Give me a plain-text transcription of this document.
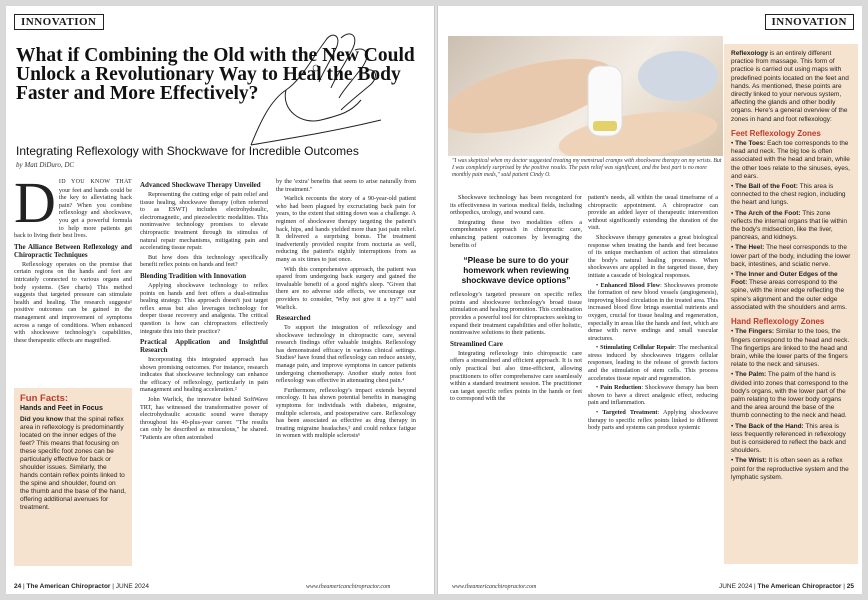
INNOVATION
What if Combining the Old with the New Could Unlock a Revolutionary Way to Heal the Body Faster and More Effectively?
Integrating Reflexology with Shockwave for Incredible Outcomes
by Matt DiDuro, DC
D ID YOU KNOW THAT your feet and hands could be the key to alleviating back pain? When you combine reflexology and shockwave, you get a powerful formula to help more patients get back to living their best lives.
The Alliance Between Reflexology and Chiropractic Techniques

Reflexology operates on the premise that certain regions on the hands and feet are intricately connected to various organs and body systems. (See charts) This method suggests that targeted pressure can stimulate health and healing. The research suggests¹ positive outcomes can be gained in the management and improvement of symptoms across a range of conditions. When enhanced with shockwave technology's capabilities, these therapeutic effects are magnified.

Fun Facts:
Hands and Feet in Focus
Did you know that the spinal reflex area in reflexology is predominantly located on the inner edges of the feet? This means that focusing on these specific foot zones can be particularly effective for back or shoulder issues. Similarly, the hands contain reflex points linked to the spine and shoulder, found on the thumb and the base of the hand, offering additional avenues for treatment.
Advanced Shockwave Therapy Unveiled

Representing the cutting edge of pain relief and tissue healing, shockwave therapy (often referred to as ESWT) includes electrohydraulic, electromagnetic, and piezoelectric modalities. This noninvasive technology promises to elevate chiropractic treatment through its stimulus of natural repair mechanisms, mitigating pain and accelerating tissue repair.

But how does this technology specifically benefit reflex points on hands and feet?

Blending Tradition with Innovation

Applying shockwave technology to reflex points on hands and feet offers a dual-stimulus healing strategy. This approach doesn't just target reflex areas but also leverages technology for deeper tissue recovery and analgesia. The critical question is how can chiropractors effectively integrate this into their practice?

Practical Application and Insightful Research

Incorporating this integrated approach has shown promising outcomes. For instance, research indicates that shockwave technology can enhance the efficacy of reflexology, particularly in pain management and healing acceleration.²

John Warlick, the innovator behind SoftWave TRT, has witnessed the transformative power of electrohydraulic acoustic sound wave therapy throughout his 40-plus-year career. "The results can only be described as miraculous," he shared. "Patients are often astonished

by the 'extra' benefits that seem to arise naturally from the treatment."

Warlick recounts the story of a 90-year-old patient who had been plagued by excruciating back pain for years, to the extent that sitting down was a challenge. A regimen of shockwave therapy targeting the patient's back, hips, and hands yielded more than just pain relief. It delivered a surprising bonus. The treatment inadvertently provided respite from nocturia as well, reducing the patient's nightly interruptions from as many as six times to just once.

With this comprehensive approach, the patient was spared from undergoing back surgery and gained the invaluable benefit of a good night's sleep. "Given that there are no adverse side effects, we encourage our providers to consider, 'Why not give it a try?'" said Warlick.

Researched

To support the integration of reflexology and shockwave technology in chiropractic care, several research findings offer valuable insights. Reflexology has demonstrated efficacy in various clinical settings. Studies³ have found that reflexology can reduce anxiety, manage pain, and improve symptoms in cancer patients undergoing chemotherapy. Another study notes foot reflexology was effective in attenuating chest pain.⁴

Furthermore, reflexology's impact extends beyond oncology. It has shown potential benefits in managing symptoms for individuals with diabetes, migraine, multiple sclerosis, and postoperative care. Reflexology has been associated as effective as drug therapy in treating migraine headaches,⁵ and could reduce fatigue in women with multiple sclerosis⁶

24 | The American Chiropractor | JUNE 2024	www.theamericanchiropractor.com
INNOVATION
"I was skeptical when my doctor suggested treating my menstrual cramps with shockwave therapy on my wrists. But I was completely surprised by the positive results. The pain relief was significant, and the best part is no more monthly pain meds," said patient Cindy O.

Shockwave technology has been recognized for its effectiveness in various medical fields, including orthopedics, urology, and wound care.

Integrating these two modalities offers a comprehensive approach in chiropractic care, enhancing patient outcomes by leveraging the benefits of

“Please be sure to do your homework when reviewing shockwave device options”

reflexology's targeted pressure on specific reflex points and shockwave technology's broad tissue stimulation and healing promotion. This combination provides a powerful tool for chiropractors seeking to expand their treatment capabilities and offer holistic, noninvasive solutions to their patients.

Streamlined Care

Integrating reflexology into chiropractic care offers a streamlined and efficient approach. It is not only practical but also time-efficient, allowing practitioners to offer comprehensive care seamlessly within a standard treatment session. The practitioner can target specific reflex points in the hands or feet to correspond with the

patient's needs, all within the usual timeframe of a chiropractic appointment. A chiropractor can provide an added layer of therapeutic intervention without significantly extending the duration of the visit.

Shockwave therapy generates a great biological response when treating the hands and feet because of its unique mechanism of action that stimulates the body's natural healing processes. When shockwaves are applied in the targeted tissue, they initiate a cascade of biological responses.

• Enhanced Blood Flow: Shockwaves promote the formation of new blood vessels (angiogenesis), improving blood circulation in the treated area. This increased blood flow brings essential nutrients and oxygen, crucial for tissue healing and regeneration, especially in areas like the hands and feet, which are dense with nerve endings and small vascular structures.

• Stimulating Cellular Repair: The mechanical stress induced by shockwaves triggers cellular responses, leading to the release of growth factors and the stimulation of stem cells. This process accelerates tissue repair and regeneration.

• Pain Reduction: Shockwave therapy has been shown to have a direct analgesic effect, reducing pain and inflammation.

• Targeted Treatment: Applying shockwave therapy to specific reflex points linked to different body parts and systems can produce systemic

Reflexology is an entirely different practice from massage. This form of practice is carried out using maps with predefined points located on the feet and hands. As mentioned, these points are directly linked to your nervous system, affecting the glands and other bodily organs. Here's a general overview of the zones in hand and foot reflexology:
Feet Reflexology Zones
• The Toes: Each toe corresponds to the head and neck. The big toe is often associated with the head and brain, while the other toes relate to the sinuses, eyes, and ears.
• The Ball of the Foot: This area is connected to the chest region, including the heart and lungs.
• The Arch of the Foot: This zone reflects the internal organs that lie within the body's midsection, like the liver, pancreas, and kidneys.
• The Heel: The heel corresponds to the lower part of the body, including the lower back, intestines, and sciatic nerve.
• The Inner and Outer Edges of the Foot: These areas correspond to the spine, with the inner edge reflecting the spine's alignment and the outer edge associated with the shoulders and arms.
Hand Reflexology Zones
• The Fingers: Similar to the toes, the fingers correspond to the head and neck. The fingertips are linked to the head and brain, while the lower parts of the fingers relate to the neck and sinuses.
• The Palm: The palm of the hand is divided into zones that correspond to the body's organs, with the lower part of the palm relating to the lower body organs and the area around the base of the thumb connecting to the neck and head.
• The Back of the Hand: This area is less frequently referenced in reflexology but is considered to reflect the back and shoulders.
• The Wrist: It is often seen as a reflex point for the reproductive system and the lymphatic system.
www.theamericanchiropractor.com	JUNE 2024 | The American Chiropractor | 25
